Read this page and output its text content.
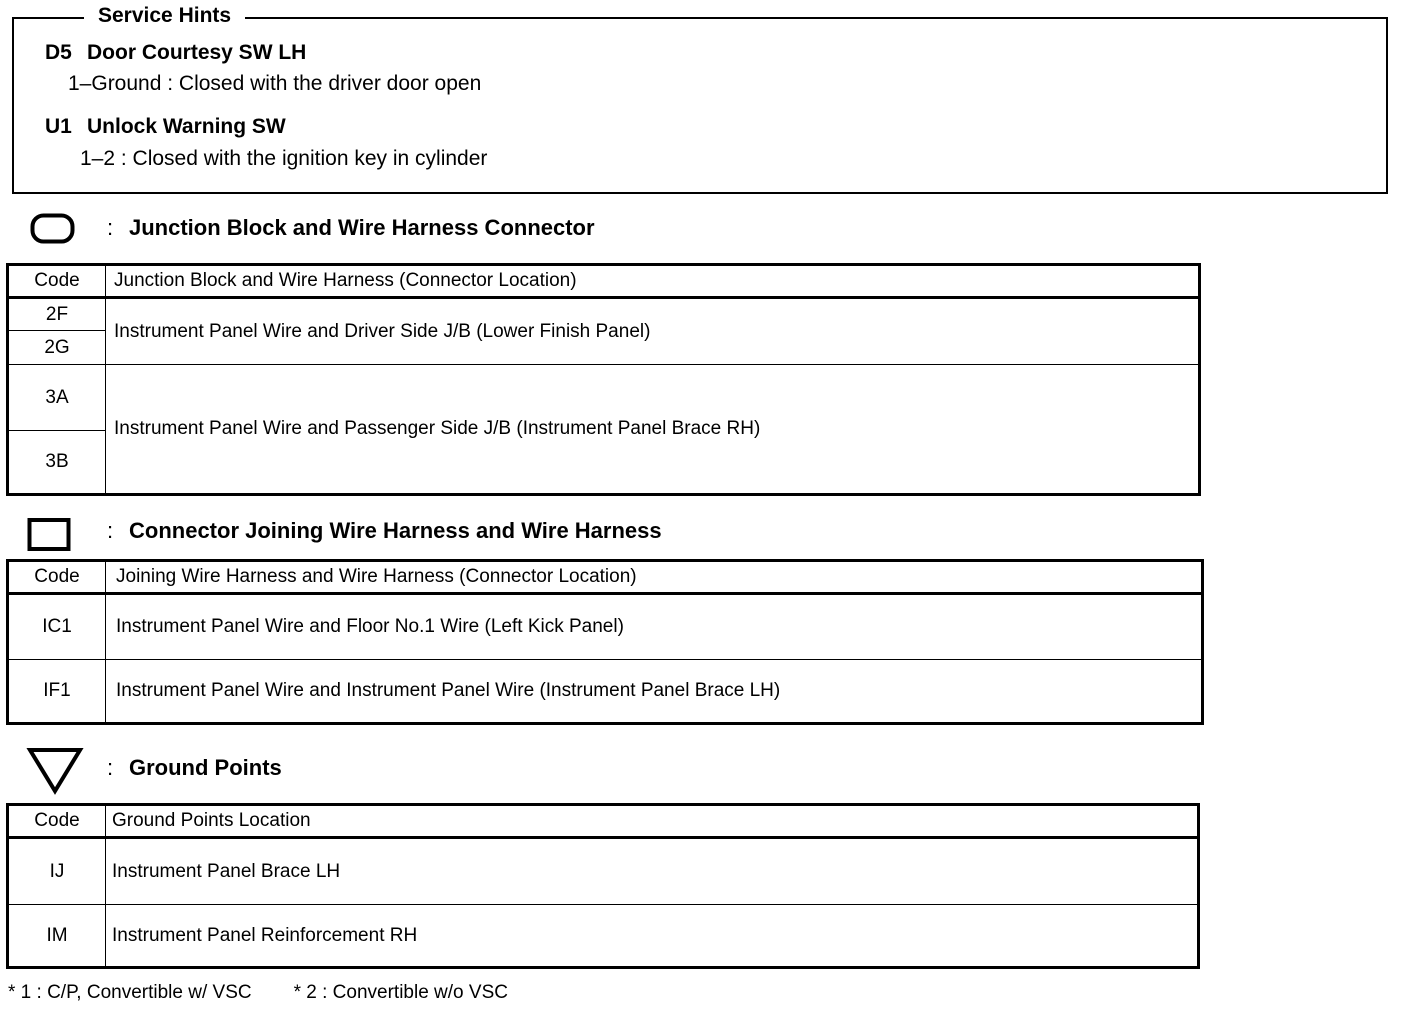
Service Hints
D5 Door Courtesy SW LH
1–Ground : Closed with the driver door open
U1 Unlock Warning SW
1–2 : Closed with the ignition key in cylinder
: Junction Block and Wire Harness Connector
Code	Junction Block and Wire Harness (Connector Location)
2F	Instrument Panel Wire and Driver Side J/B (Lower Finish Panel)
2G	
3A	Instrument Panel Wire and Passenger Side J/B (Instrument Panel Brace RH)
3B	
: Connector Joining Wire Harness and Wire Harness
Code	Joining Wire Harness and Wire Harness (Connector Location)
IC1	Instrument Panel Wire and Floor No.1 Wire (Left Kick Panel)
IF1	Instrument Panel Wire and Instrument Panel Wire (Instrument Panel Brace LH)
: Ground Points
Code	Ground Points Location
IJ	Instrument Panel Brace LH
IM	Instrument Panel Reinforcement RH
* 1 : C/P, Convertible w/ VSC * 2 : Convertible w/o VSC
